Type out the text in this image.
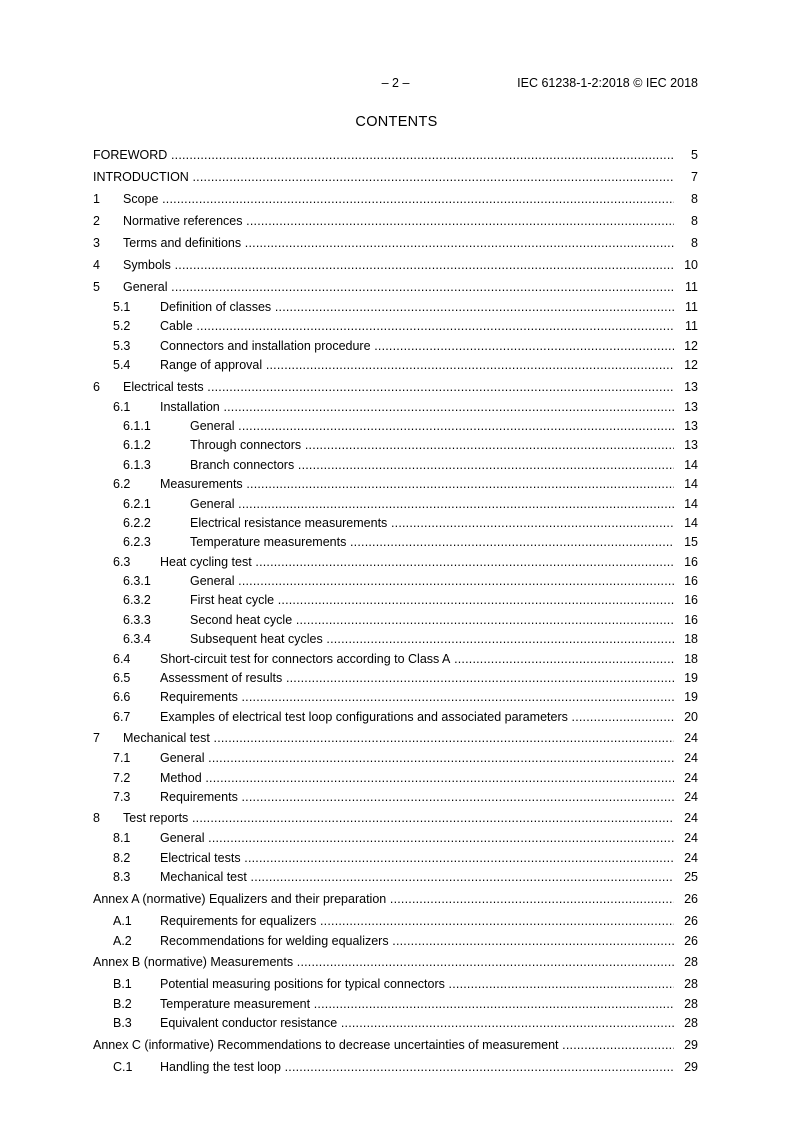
– 2 –	IEC 61238-1-2:2018 © IEC 2018
CONTENTS
FOREWORD .....	5
INTRODUCTION .....	7
1 Scope .....	8
2 Normative references .....	8
3 Terms and definitions .....	8
4 Symbols .....	10
5 General .....	11
5.1 Definition of classes .....	11
5.2 Cable .....	11
5.3 Connectors and installation procedure .....	12
5.4 Range of approval .....	12
6 Electrical tests .....	13
6.1 Installation .....	13
6.1.1	General .....	13
6.1.2	Through connectors .....	13
6.1.3	Branch connectors .....	14
6.2 Measurements .....	14
6.2.1	General .....	14
6.2.2	Electrical resistance measurements .....	14
6.2.3	Temperature measurements .....	15
6.3 Heat cycling test .....	16
6.3.1	General .....	16
6.3.2	First heat cycle .....	16
6.3.3	Second heat cycle .....	16
6.3.4	Subsequent heat cycles .....	18
6.4 Short-circuit test for connectors according to Class A .....	18
6.5 Assessment of results .....	19
6.6 Requirements .....	19
6.7 Examples of electrical test loop configurations and associated parameters .....	20
7 Mechanical test .....	24
7.1 General .....	24
7.2 Method .....	24
7.3 Requirements .....	24
8 Test reports .....	24
8.1 General .....	24
8.2 Electrical tests .....	24
8.3 Mechanical test .....	25
Annex A (normative) Equalizers and their preparation .....	26
A.1 Requirements for equalizers .....	26
A.2 Recommendations for welding equalizers .....	26
Annex B (normative) Measurements .....	28
B.1 Potential measuring positions for typical connectors .....	28
B.2 Temperature measurement .....	28
B.3 Equivalent conductor resistance .....	28
Annex C (informative) Recommendations to decrease uncertainties of measurement .....	29
C.1 Handling the test loop .....	29
